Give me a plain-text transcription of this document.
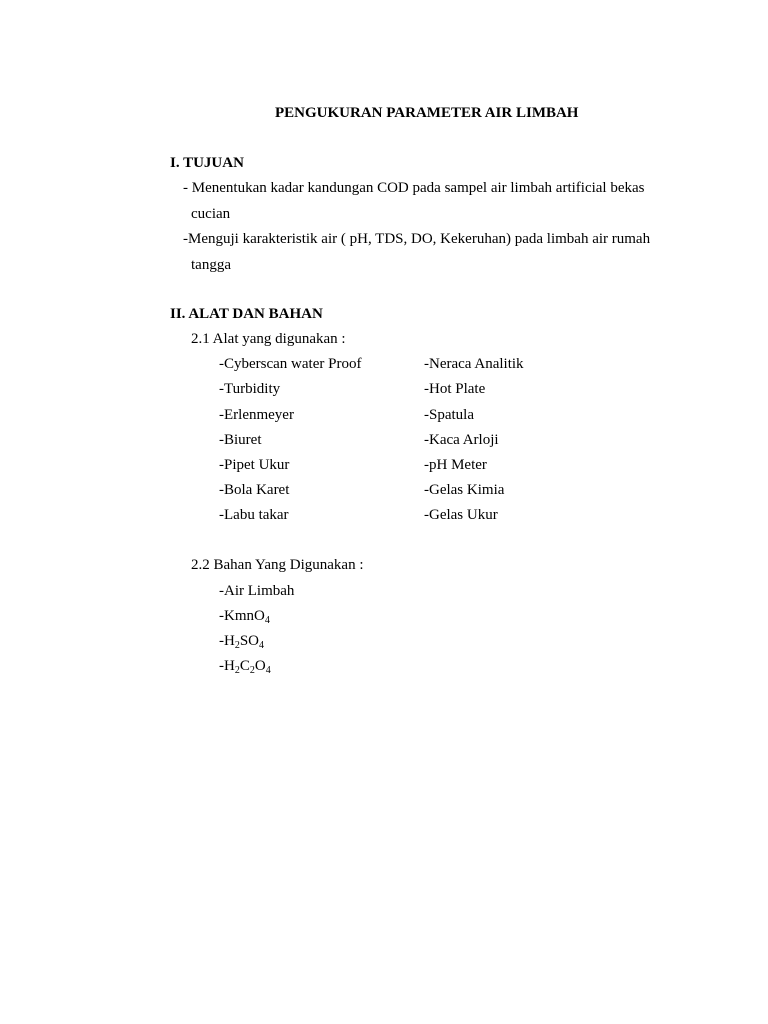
PENGUKURAN PARAMETER AIR LIMBAH
I. TUJUAN
- Menentukan kadar kandungan COD pada sampel air limbah artificial bekas
cucian
-Menguji karakteristik air ( pH, TDS, DO, Kekeruhan) pada limbah air rumah
tangga
II. ALAT DAN BAHAN
2.1 Alat yang digunakan :
-Cyberscan water Proof
-Turbidity
-Erlenmeyer
-Biuret
-Pipet Ukur
-Bola Karet
-Labu takar
-Neraca Analitik
-Hot Plate
-Spatula
-Kaca Arloji
-pH Meter
-Gelas Kimia
-Gelas Ukur
2.2 Bahan Yang Digunakan :
-Air Limbah
-KmnO$_4$
$-H_2SO_4$
$-H_2C_2O_4$
